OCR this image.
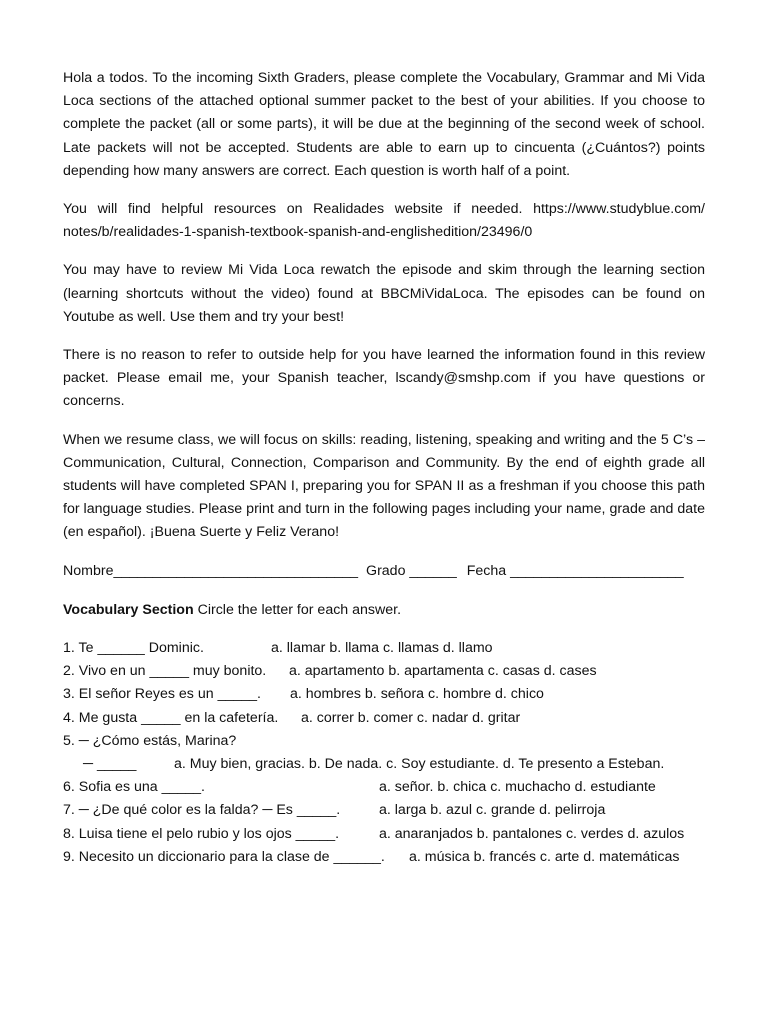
Hola a todos. To the incoming Sixth Graders, please complete the Vocabulary, Grammar and Mi Vida Loca sections of the attached optional summer packet to the best of your abilities. If you choose to complete the packet (all or some parts), it will be due at the beginning of the second week of school. Late packets will not be accepted. Students are able to earn up to cincuenta (¿Cuántos?) points depending how many answers are correct. Each question is worth half of a point.

You will find helpful resources on Realidades website if needed. https://www.studyblue.com/ notes/b/realidades-1-spanish-textbook-spanish-and-englishedition/23496/0

You may have to review Mi Vida Loca rewatch the episode and skim through the learning section (learning shortcuts without the video) found at BBCMiVidaLoca. The episodes can be found on Youtube as well. Use them and try your best!

There is no reason to refer to outside help for you have learned the information found in this review packet. Please email me, your Spanish teacher, lscandy@smshp.com if you have questions or concerns.

When we resume class, we will focus on skills: reading, listening, speaking and writing and the 5 C’s – Communication, Cultural, Connection, Comparison and Community. By the end of eighth grade all students will have completed SPAN I, preparing you for SPAN II as a freshman if you choose this path for language studies. Please print and turn in the following pages including your name, grade and date (en español). ¡Buena Suerte y Feliz Verano!

Nombre_______________________________ Grado ______ Fecha ______________________
Vocabulary Section Circle the letter for each answer.
1. Te ______ Dominic.	a. llamar b. llama c. llamas d. llamo
2. Vivo en un _____ muy bonito. a. apartamento b. apartamenta c. casas d. cases
3. El señor Reyes es un _____. a. hombres b. señora c. hombre d. chico
4. Me gusta _____ en la cafetería. a. correr b. comer c. nadar d. gritar
5. ─ ¿Cómo estás, Marina?
─ _____	a. Muy bien, gracias. b. De nada. c. Soy estudiante. d. Te presento a Esteban.
6. Sofia es una _____.	a. señor. b. chica c. muchacho d. estudiante
7. ─ ¿De qué color es la falda? ─ Es _____.	a. larga b. azul c. grande d. pelirroja
8. Luisa tiene el pelo rubio y los ojos _____.	a. anaranjados b. pantalones c. verdes d. azulos
9. Necesito un diccionario para la clase de ______. a. música b. francés c. arte d. matemáticas
